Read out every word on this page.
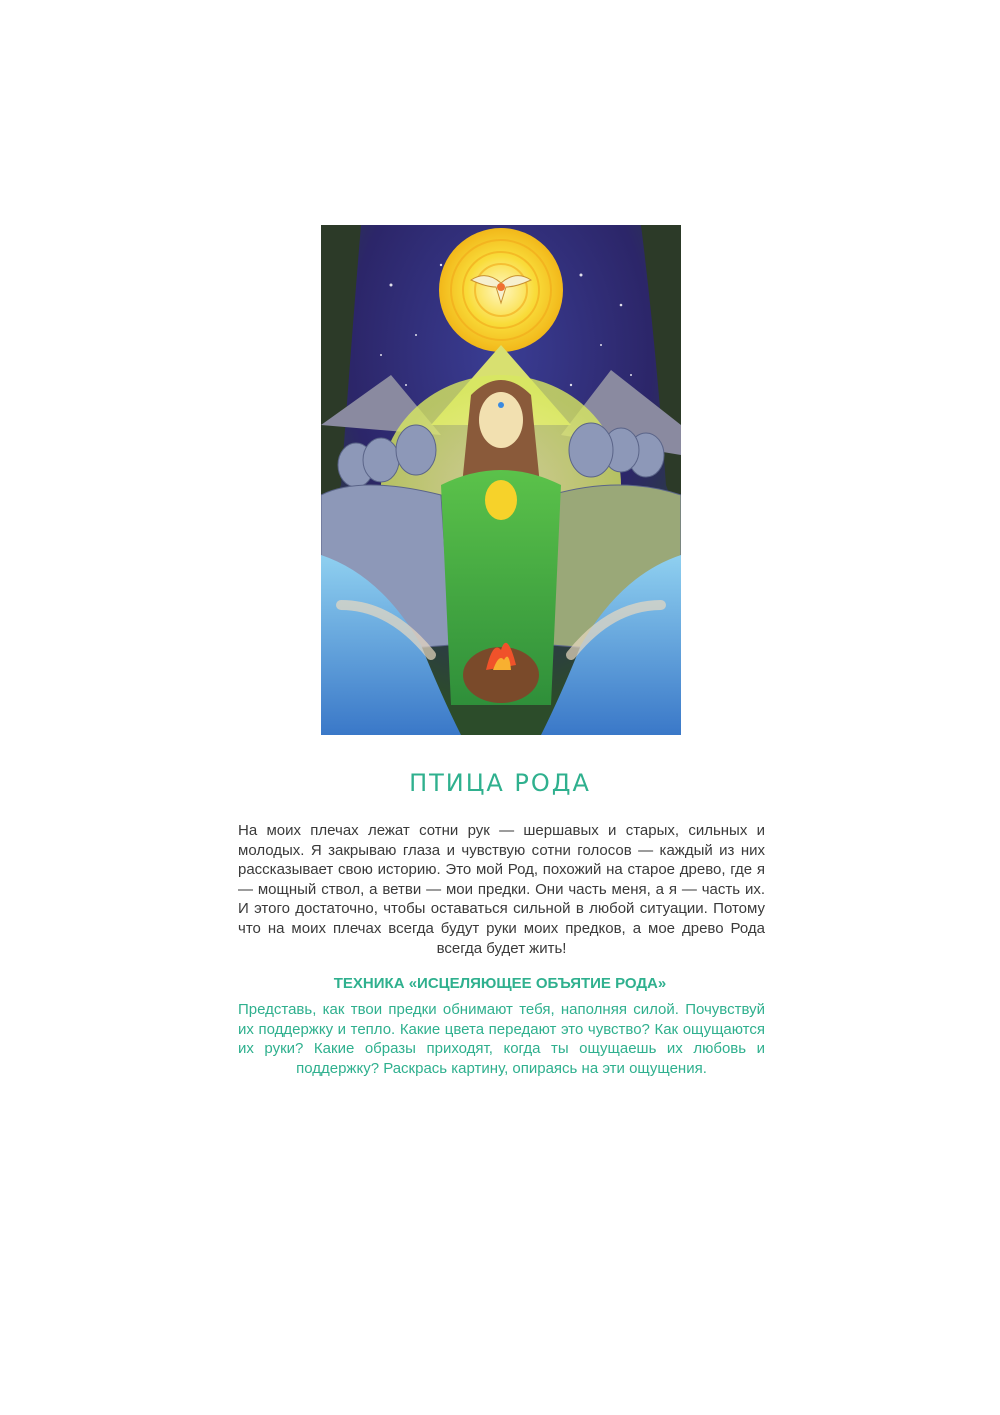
ПТИЦА РОДА

На моих плечах лежат сотни рук — шершавых и старых, сильных и молодых. Я закрываю глаза и чувствую сотни голосов — каждый из них рассказывает свою историю. Это мой Род, похожий на старое древо, где я — мощный ствол, а ветви — мои предки. Они часть меня, а я — часть их. И этого достаточно, чтобы оставаться сильной в любой ситуации. Потому что на моих плечах всегда будут руки моих предков, а мое древо Рода всегда будет жить!

ТЕХНИКА «ИСЦЕЛЯЮЩЕЕ ОБЪЯТИЕ РОДА»

Представь, как твои предки обнимают тебя, наполняя силой. Почувствуй их поддержку и тепло. Какие цвета передают это чувство? Как ощущаются их руки? Какие образы приходят, когда ты ощущаешь их любовь и поддержку? Раскрась картину, опираясь на эти ощущения.
